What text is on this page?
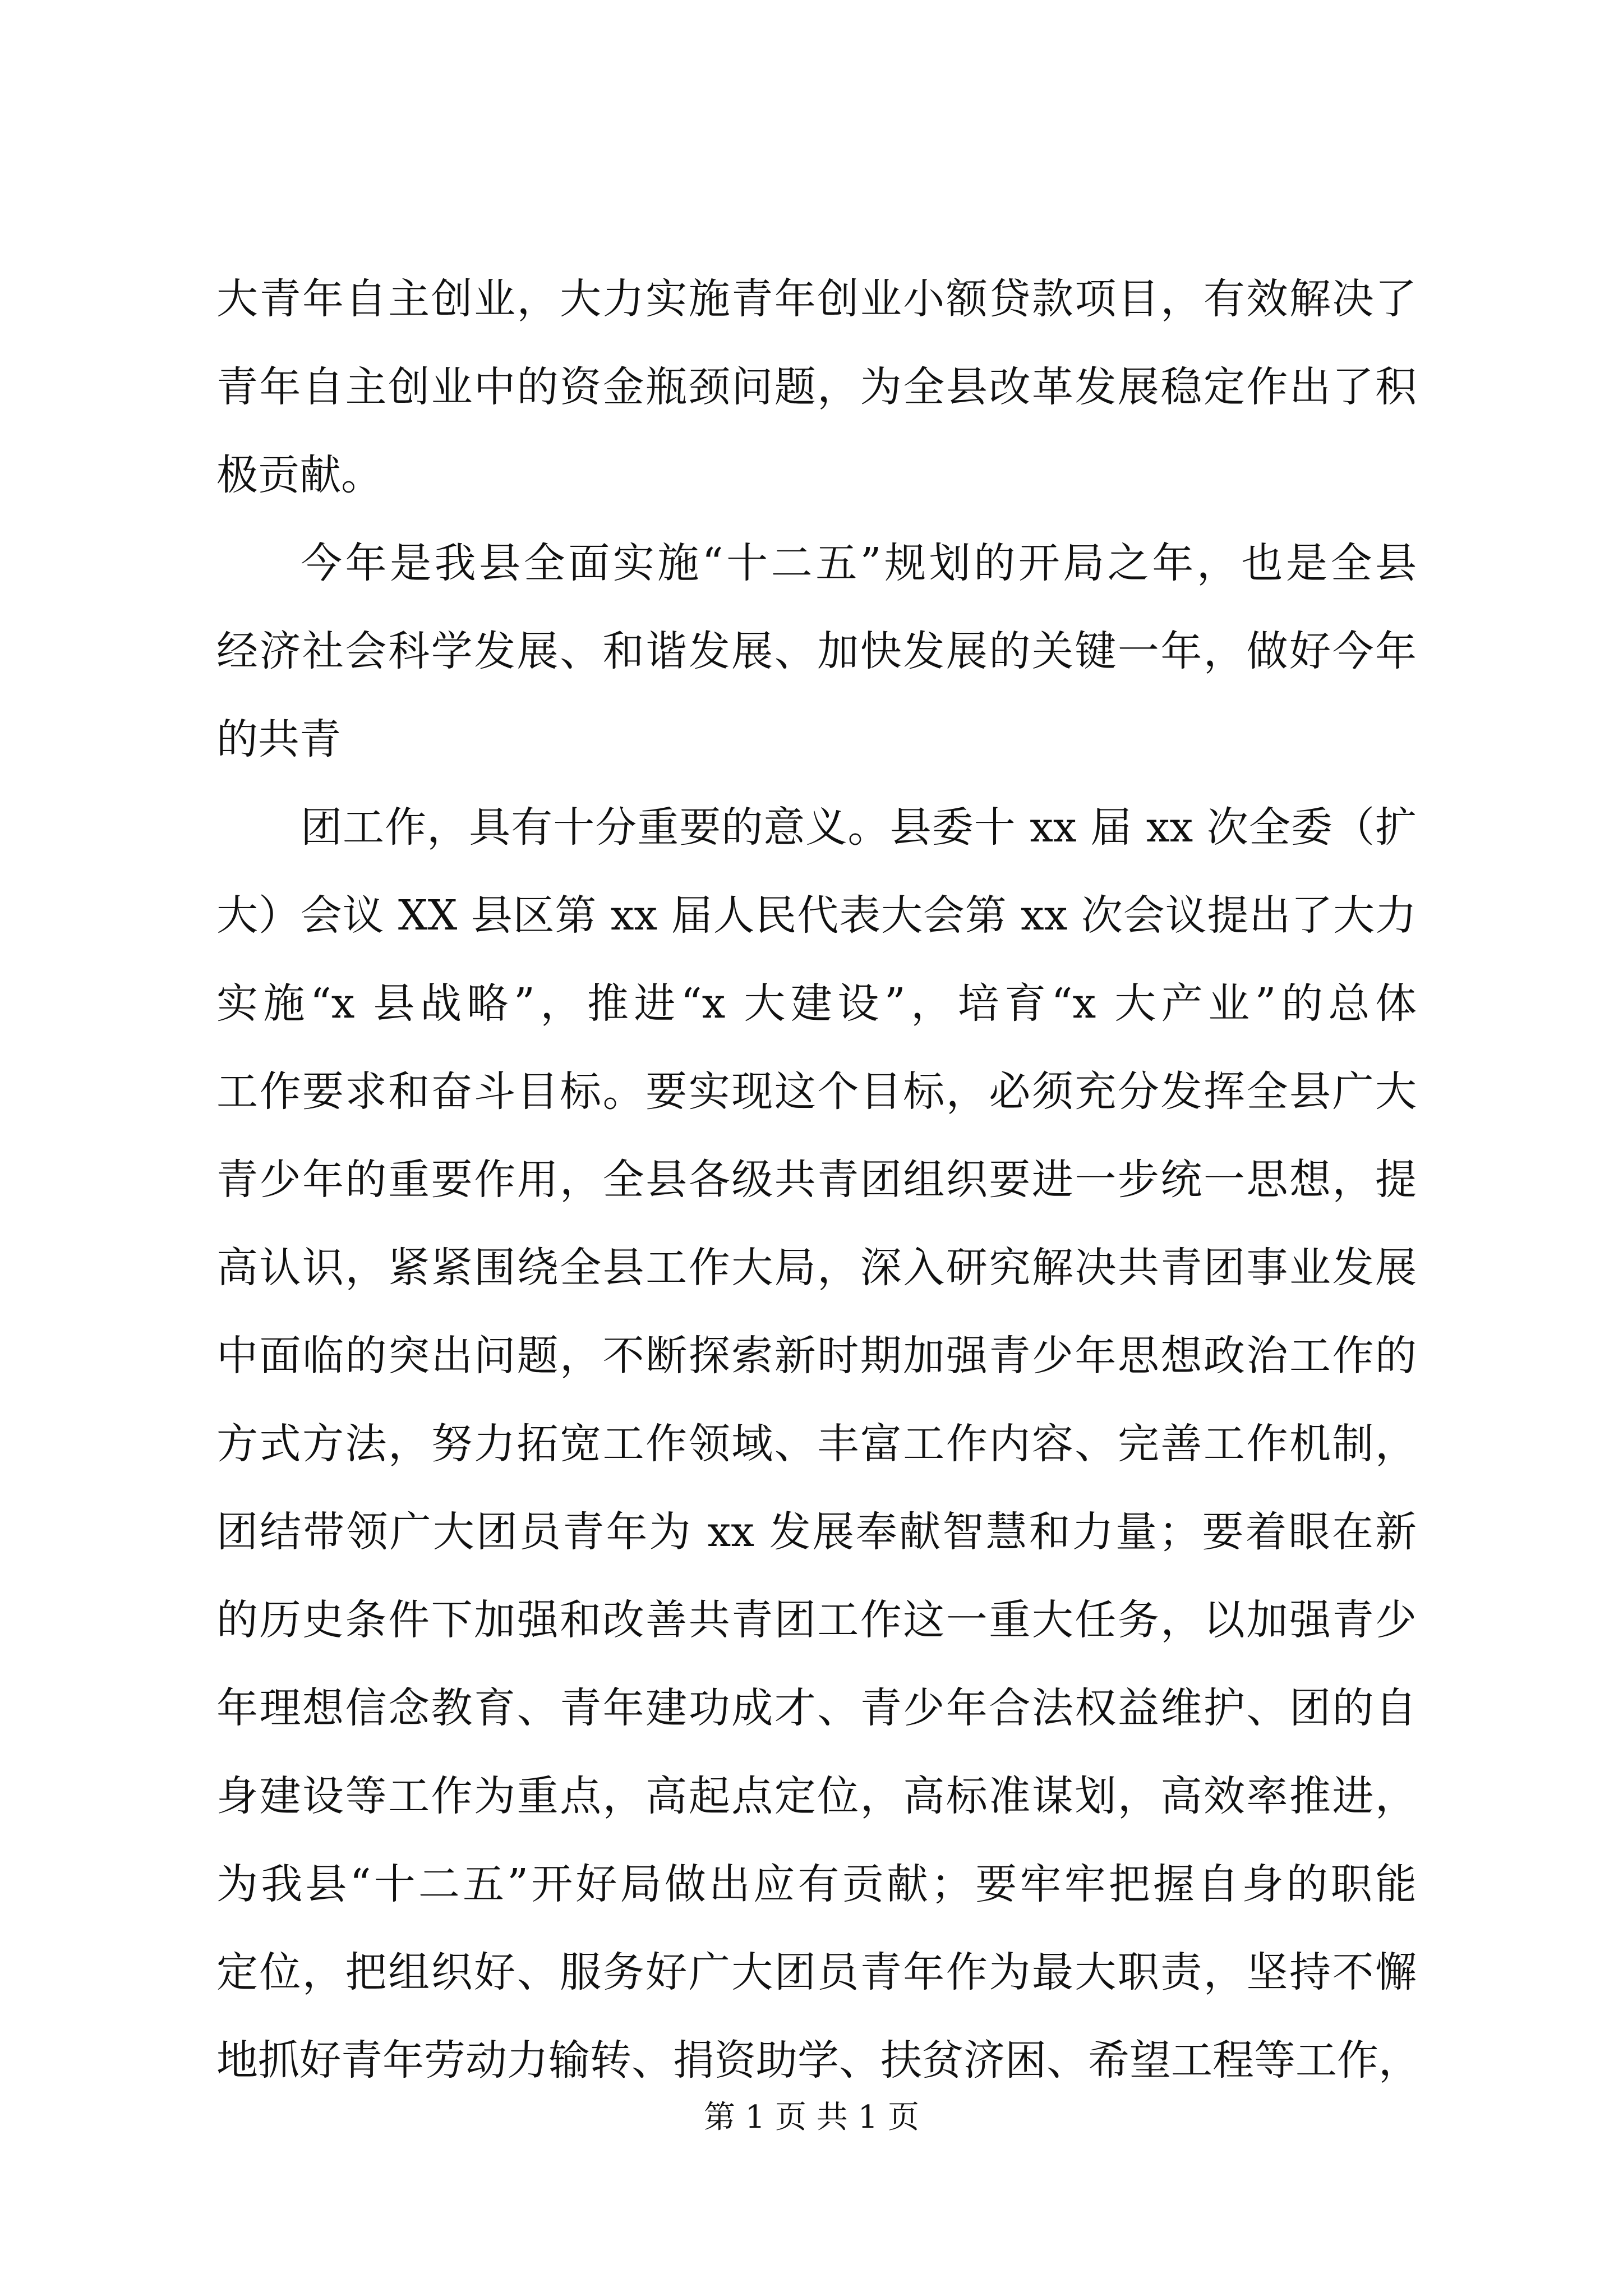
大青年自主创业，大力实施青年创业小额贷款项目，有效解决了
青年自主创业中的资金瓶颈问题，为全县改革发展稳定作出了积
极贡献。
今年是我县全面实施“十二五”规划的开局之年，也是全县
经济社会科学发展、和谐发展、加快发展的关键一年，做好今年
的共青
团工作，具有十分重要的意义。县委十 xx 届 xx 次全委（扩
大）会议 XX 县区第 xx 届人民代表大会第 xx 次会议提出了大力
实施“x 县战略”，推进“x 大建设”，培育“x 大产业”的总体
工作要求和奋斗目标。要实现这个目标，必须充分发挥全县广大
青少年的重要作用，全县各级共青团组织要进一步统一思想，提
高认识，紧紧围绕全县工作大局，深入研究解决共青团事业发展
中面临的突出问题，不断探索新时期加强青少年思想政治工作的
方式方法，努力拓宽工作领域、丰富工作内容、完善工作机制，
团结带领广大团员青年为 xx 发展奉献智慧和力量；要着眼在新
的历史条件下加强和改善共青团工作这一重大任务，以加强青少
年理想信念教育、青年建功成才、青少年合法权益维护、团的自
身建设等工作为重点，高起点定位，高标准谋划，高效率推进，
为我县“十二五”开好局做出应有贡献；要牢牢把握自身的职能
定位，把组织好、服务好广大团员青年作为最大职责，坚持不懈
地抓好青年劳动力输转、捐资助学、扶贫济困、希望工程等工作，
第 1 页 共 1 页
